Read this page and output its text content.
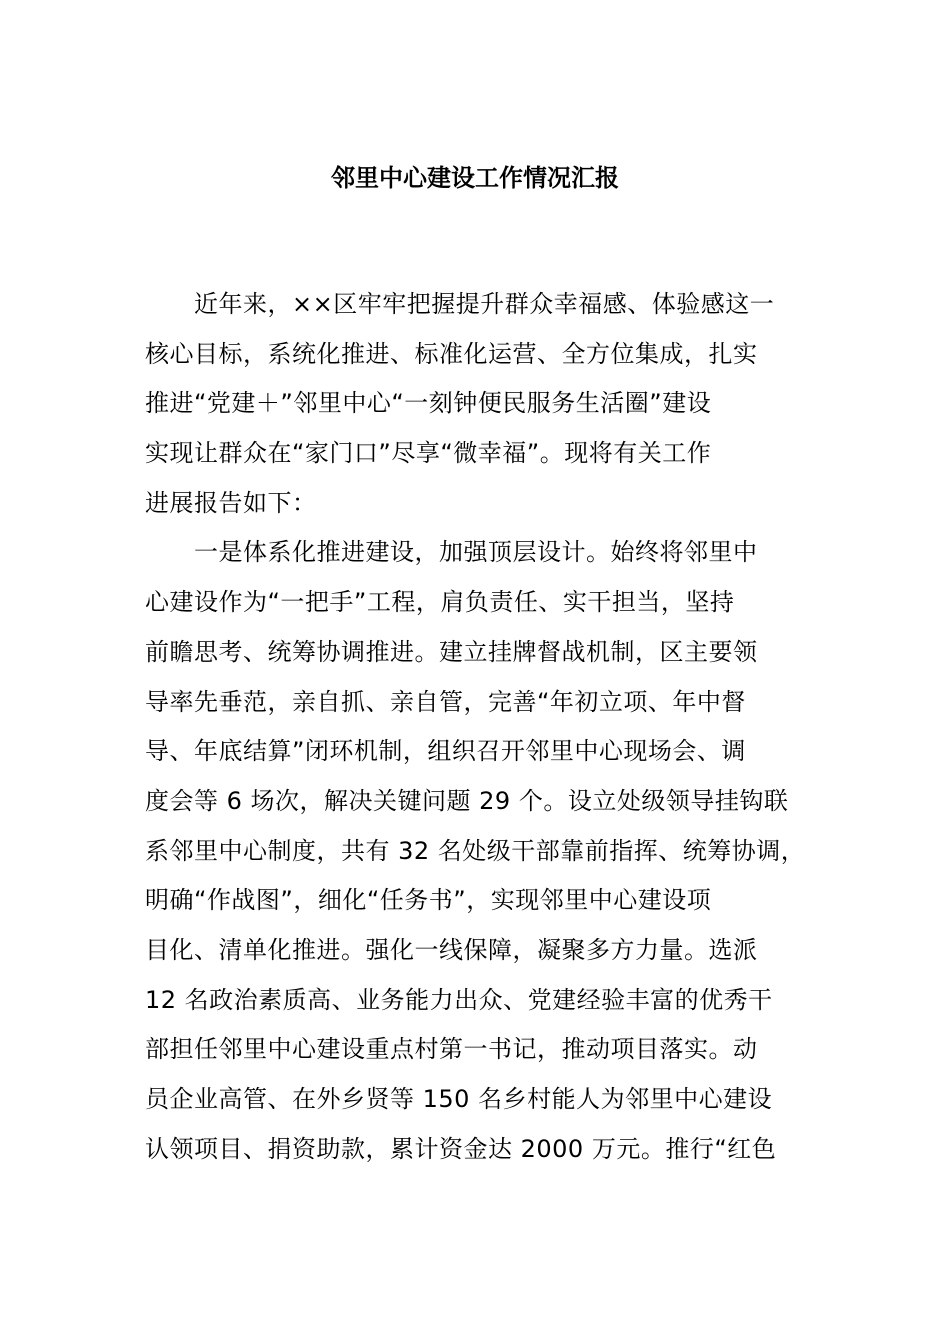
邻里中心建设工作情况汇报
近年来，××区牢牢把握提升群众幸福感、体验感这一
核心目标，系统化推进、标准化运营、全方位集成，扎实
推进“党建＋”邻里中心“一刻钟便民服务生活圈”建设
实现让群众在“家门口”尽享“微幸福”。现将有关工作
进展报告如下：
一是体系化推进建设，加强顶层设计。始终将邻里中
心建设作为“一把手”工程，肩负责任、实干担当，坚持
前瞻思考、统筹协调推进。建立挂牌督战机制，区主要领
导率先垂范，亲自抓、亲自管，完善“年初立项、年中督
导、年底结算”闭环机制，组织召开邻里中心现场会、调
度会等 6 场次，解决关键问题 29 个。设立处级领导挂钩联
系邻里中心制度，共有 32 名处级干部靠前指挥、统筹协调，
明确“作战图”，细化“任务书”，实现邻里中心建设项
目化、清单化推进。强化一线保障，凝聚多方力量。选派
12 名政治素质高、业务能力出众、党建经验丰富的优秀干
部担任邻里中心建设重点村第一书记，推动项目落实。动
员企业高管、在外乡贤等 150 名乡村能人为邻里中心建设
认领项目、捐资助款，累计资金达 2000 万元。推行“红色
